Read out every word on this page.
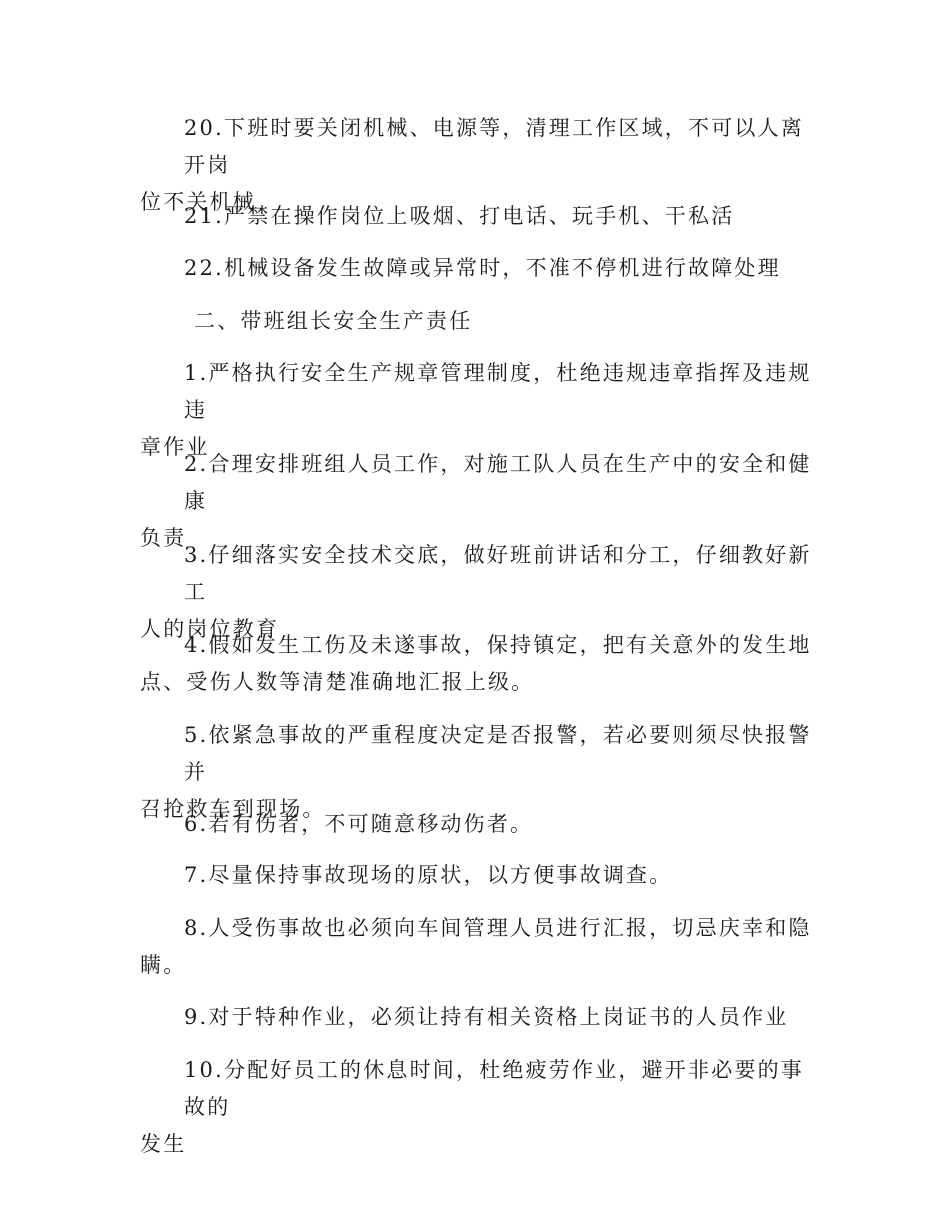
20.下班时要关闭机械、电源等，清理工作区域，不可以人离开岗
位不关机械

21.严禁在操作岗位上吸烟、打电话、玩手机、干私活

22.机械设备发生故障或异常时，不准不停机进行故障处理

二、带班组长安全生产责任

1.严格执行安全生产规章管理制度，杜绝违规违章指挥及违规违
章作业

2.合理安排班组人员工作，对施工队人员在生产中的安全和健康
负责

3.仔细落实安全技术交底，做好班前讲话和分工，仔细教好新工
人的岗位教育

4.假如发生工伤及未遂事故，保持镇定，把有关意外的发生地
点、受伤人数等清楚准确地汇报上级。

5.依紧急事故的严重程度决定是否报警，若必要则须尽快报警并
召抢救车到现场。

6.若有伤者，不可随意移动伤者。

7.尽量保持事故现场的原状，以方便事故调查。

8.人受伤事故也必须向车间管理人员进行汇报，切忌庆幸和隐
瞒。

9.对于特种作业，必须让持有相关资格上岗证书的人员作业

10.分配好员工的休息时间，杜绝疲劳作业，避开非必要的事故的
发生
